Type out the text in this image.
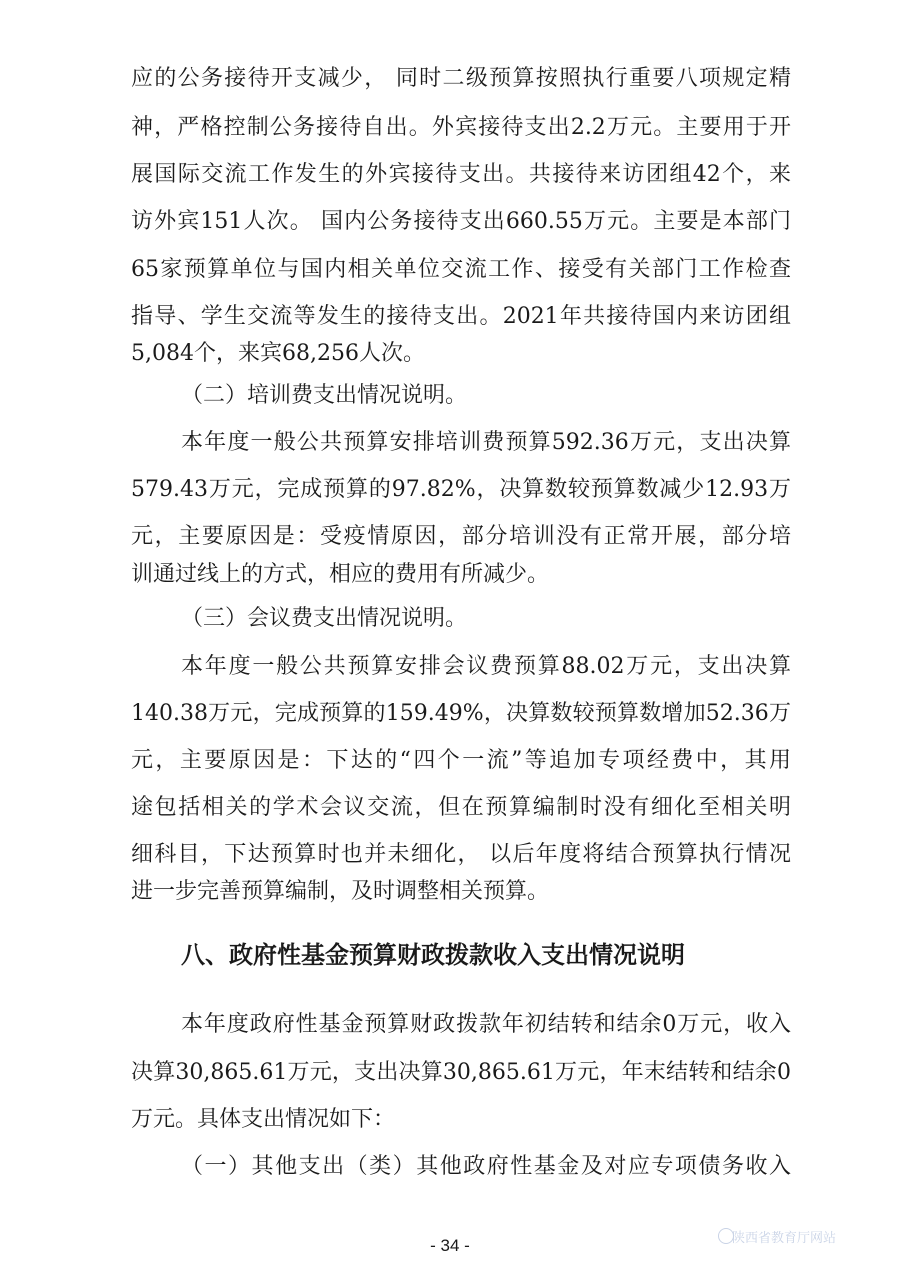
应的公务接待开支减少， 同时二级预算按照执行重要八项规定精
神，严格控制公务接待自出。外宾接待支出2.2万元。主要用于开
展国际交流工作发生的外宾接待支出。共接待来访团组42个，来
访外宾151人次。 国内公务接待支出660.55万元。主要是本部门
65家预算单位与国内相关单位交流工作、接受有关部门工作检查
指导、学生交流等发生的接待支出。2021年共接待国内来访团组
5,084个，来宾68,256人次。
（二）培训费支出情况说明。
本年度一般公共预算安排培训费预算592.36万元，支出决算
579.43万元，完成预算的97.82%，决算数较预算数减少12.93万
元，主要原因是：受疫情原因，部分培训没有正常开展，部分培
训通过线上的方式，相应的费用有所减少。
（三）会议费支出情况说明。
本年度一般公共预算安排会议费预算88.02万元，支出决算
140.38万元，完成预算的159.49%，决算数较预算数增加52.36万
元，主要原因是：下达的“四个一流”等追加专项经费中，其用
途包括相关的学术会议交流，但在预算编制时没有细化至相关明
细科目，下达预算时也并未细化， 以后年度将结合预算执行情况
进一步完善预算编制，及时调整相关预算。
八、政府性基金预算财政拨款收入支出情况说明
本年度政府性基金预算财政拨款年初结转和结余0万元，收入
决算30,865.61万元，支出决算30,865.61万元，年末结转和结余0
万元。具体支出情况如下：
（一）其他支出（类）其他政府性基金及对应专项债务收入
- 34 -	陕西省教育厅网站
